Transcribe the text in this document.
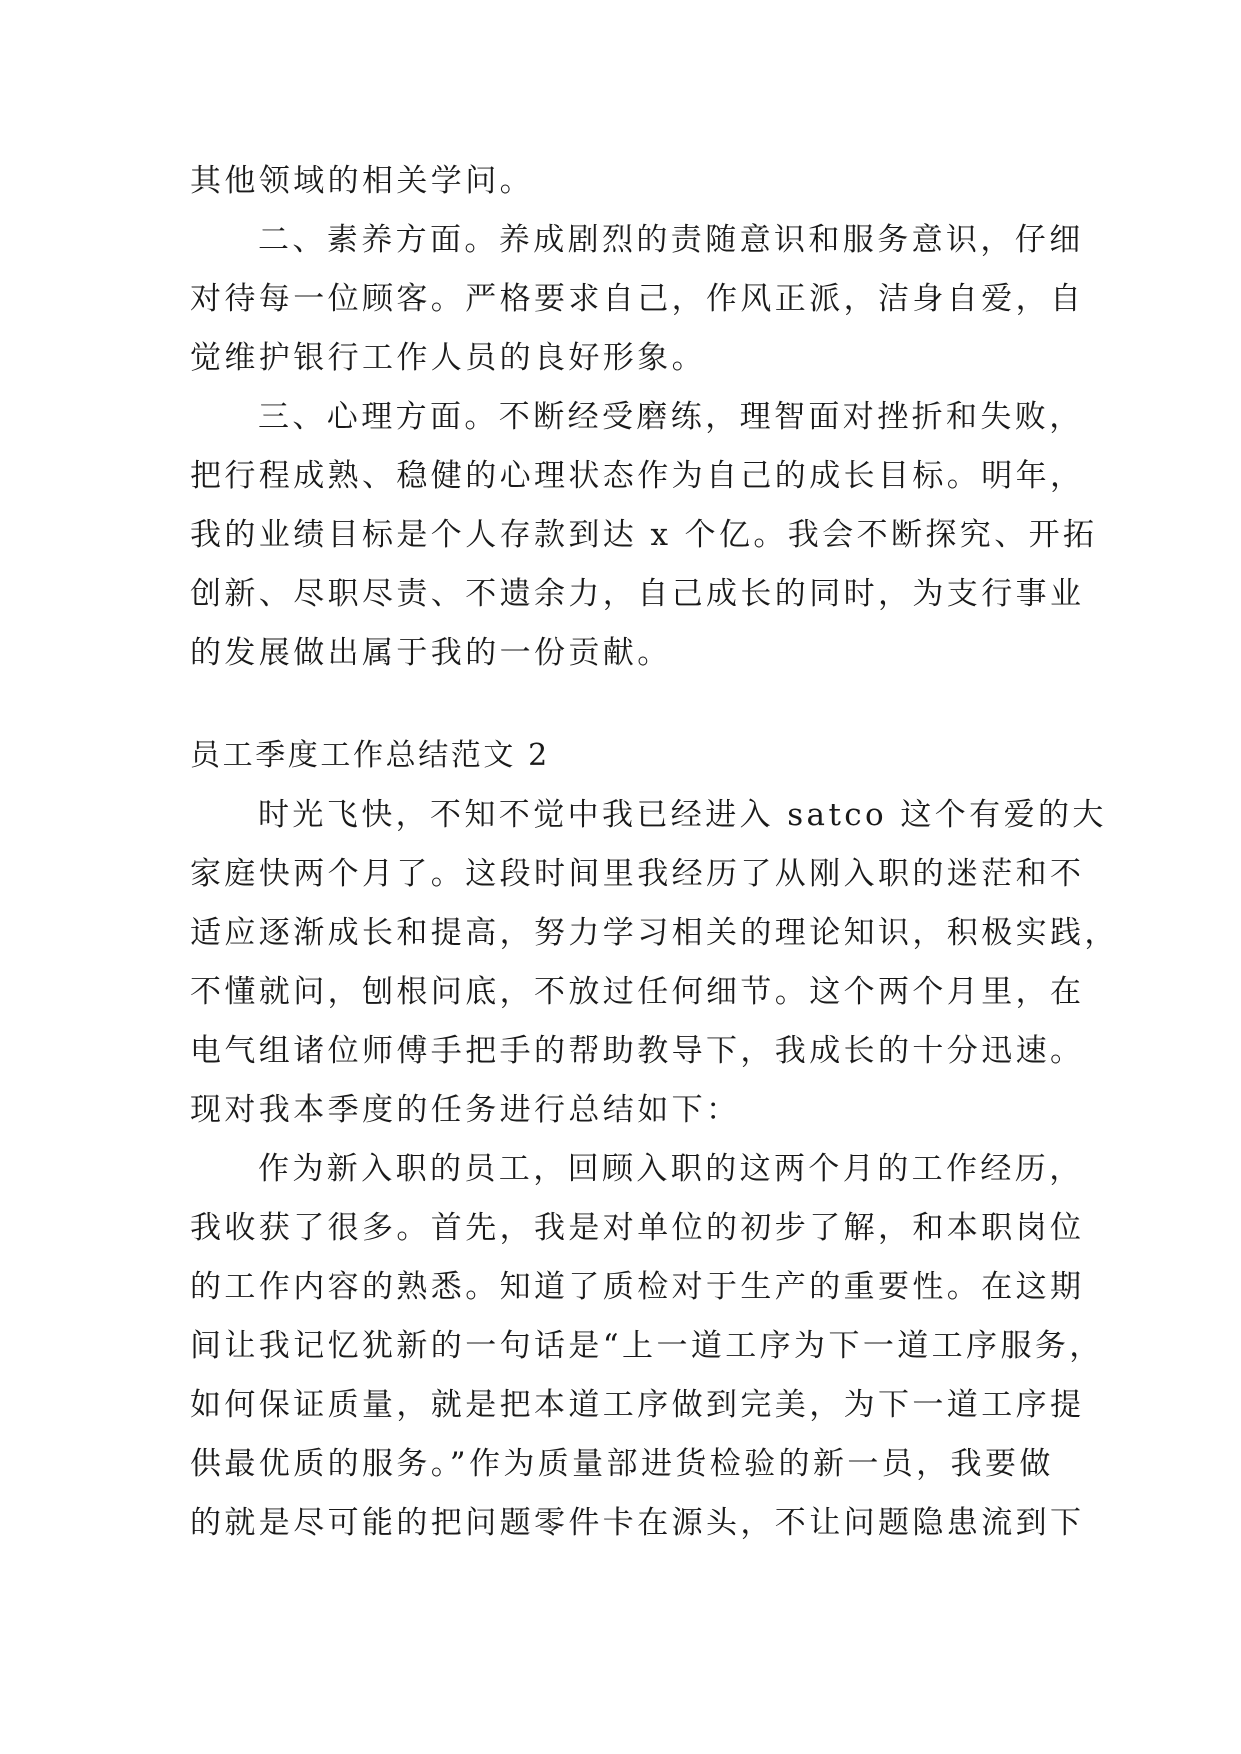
其他领域的相关学问。
二、素养方面。养成剧烈的责随意识和服务意识，仔细
对待每一位顾客。严格要求自己，作风正派，洁身自爱，自
觉维护银行工作人员的良好形象。
三、心理方面。不断经受磨练，理智面对挫折和失败，
把行程成熟、稳健的心理状态作为自己的成长目标。明年，
我的业绩目标是个人存款到达 x 个亿。我会不断探究、开拓
创新、尽职尽责、不遗余力，自己成长的同时，为支行事业
的发展做出属于我的一份贡献。
员工季度工作总结范文 2
时光飞快，不知不觉中我已经进入 satco 这个有爱的大
家庭快两个月了。这段时间里我经历了从刚入职的迷茫和不
适应逐渐成长和提高，努力学习相关的理论知识，积极实践，
不懂就问，刨根问底，不放过任何细节。这个两个月里，在
电气组诸位师傅手把手的帮助教导下，我成长的十分迅速。
现对我本季度的任务进行总结如下：
作为新入职的员工，回顾入职的这两个月的工作经历，
我收获了很多。首先，我是对单位的初步了解，和本职岗位
的工作内容的熟悉。知道了质检对于生产的重要性。在这期
间让我记忆犹新的一句话是“上一道工序为下一道工序服务，
如何保证质量，就是把本道工序做到完美，为下一道工序提
供最优质的服务。”作为质量部进货检验的新一员，我要做
的就是尽可能的把问题零件卡在源头，不让问题隐患流到下
